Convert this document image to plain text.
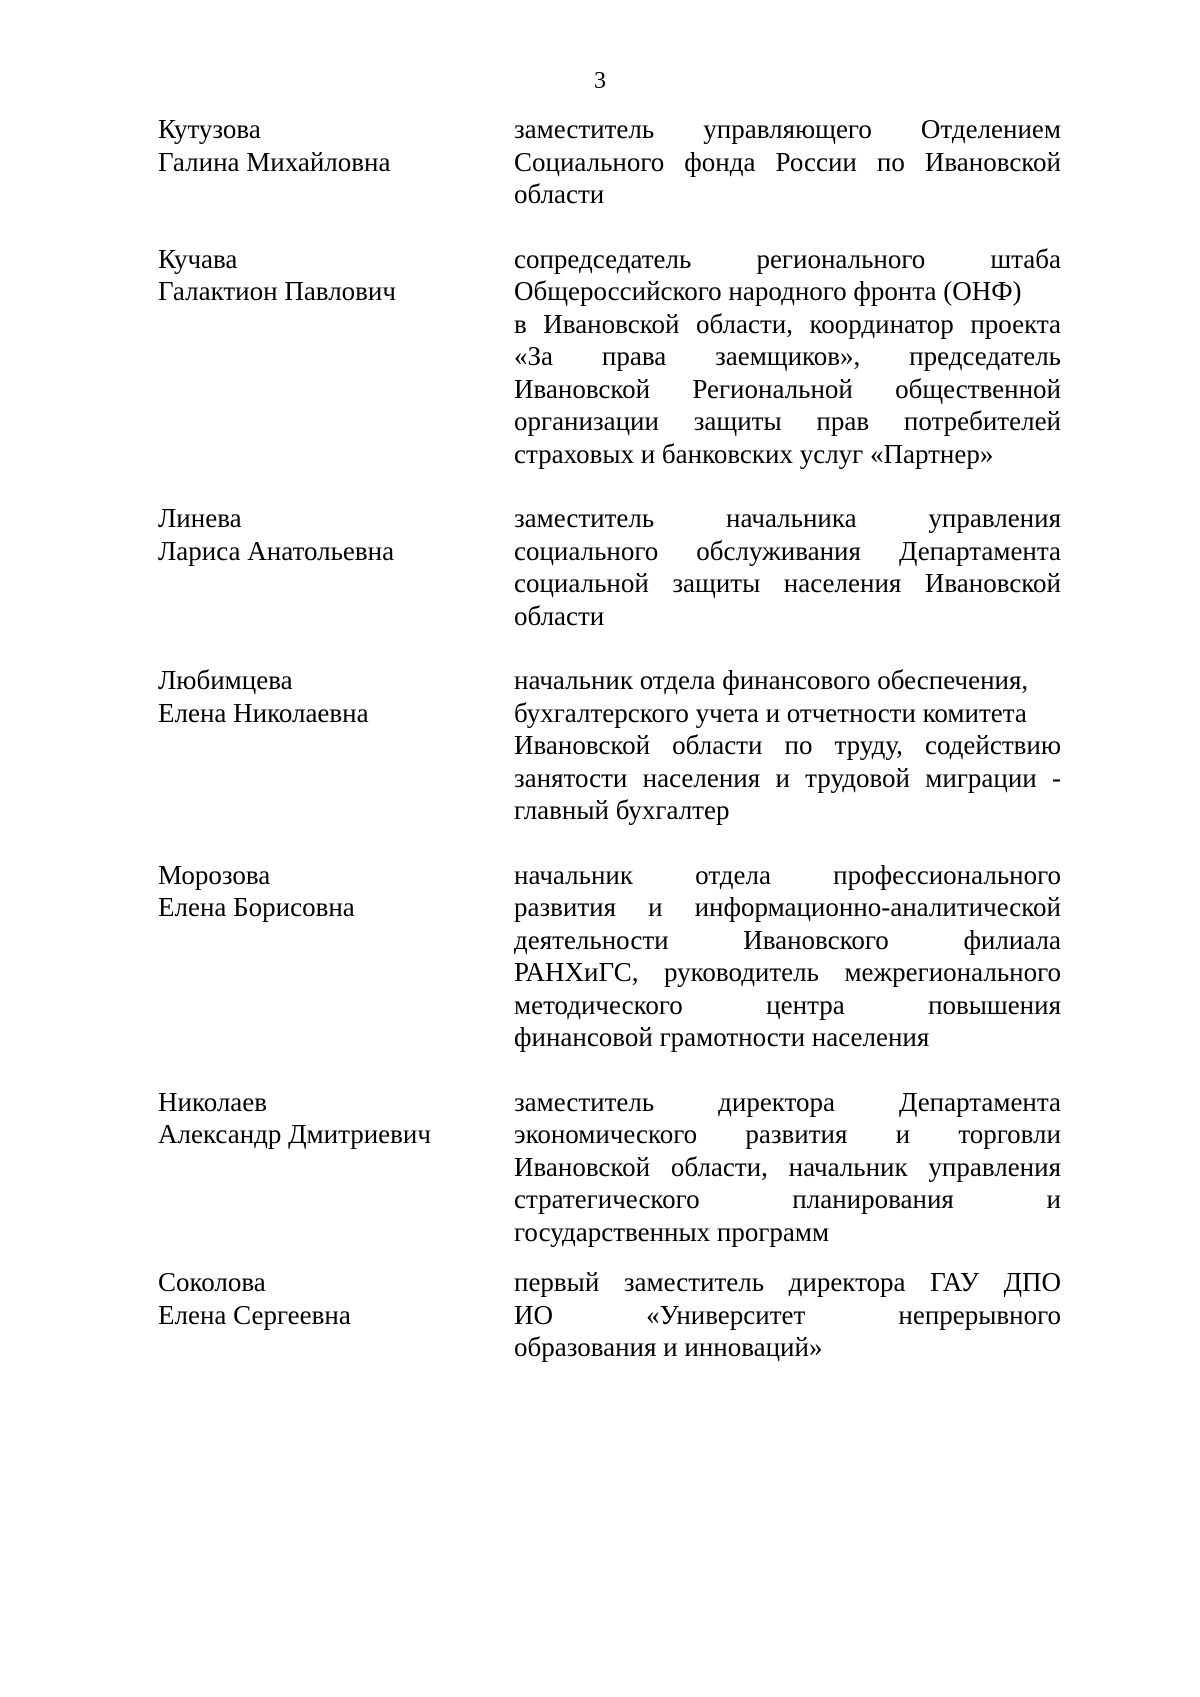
3
Кутузова
Галина Михайловна
заместитель управляющего Отделением
Социального фонда России по Ивановской
области
Кучава
Галактион Павлович
сопредседатель регионального штаба
Общероссийского народного фронта (ОНФ)
в Ивановской области, координатор проекта
«За права заемщиков», председатель
Ивановской Региональной общественной
организации защиты прав потребителей
страховых и банковских услуг «Партнер»
Линева
Лариса Анатольевна
заместитель начальника управления
социального обслуживания Департамента
социальной защиты населения Ивановской
области
Любимцева
Елена Николаевна
начальник отдела финансового обеспечения,
бухгалтерского учета и отчетности комитета
Ивановской области по труду, содействию
занятости населения и трудовой миграции -
главный бухгалтер
Морозова
Елена Борисовна
начальник отдела профессионального
развития и информационно-аналитической
деятельности Ивановского филиала
РАНХиГС, руководитель межрегионального
методического центра повышения
финансовой грамотности населения
Николаев
Александр Дмитриевич
заместитель директора Департамента
экономического развития и торговли
Ивановской области, начальник управления
стратегического планирования и
государственных программ
Соколова
Елена Сергеевна
первый заместитель директора ГАУ ДПО
ИО «Университет непрерывного
образования и инноваций»
